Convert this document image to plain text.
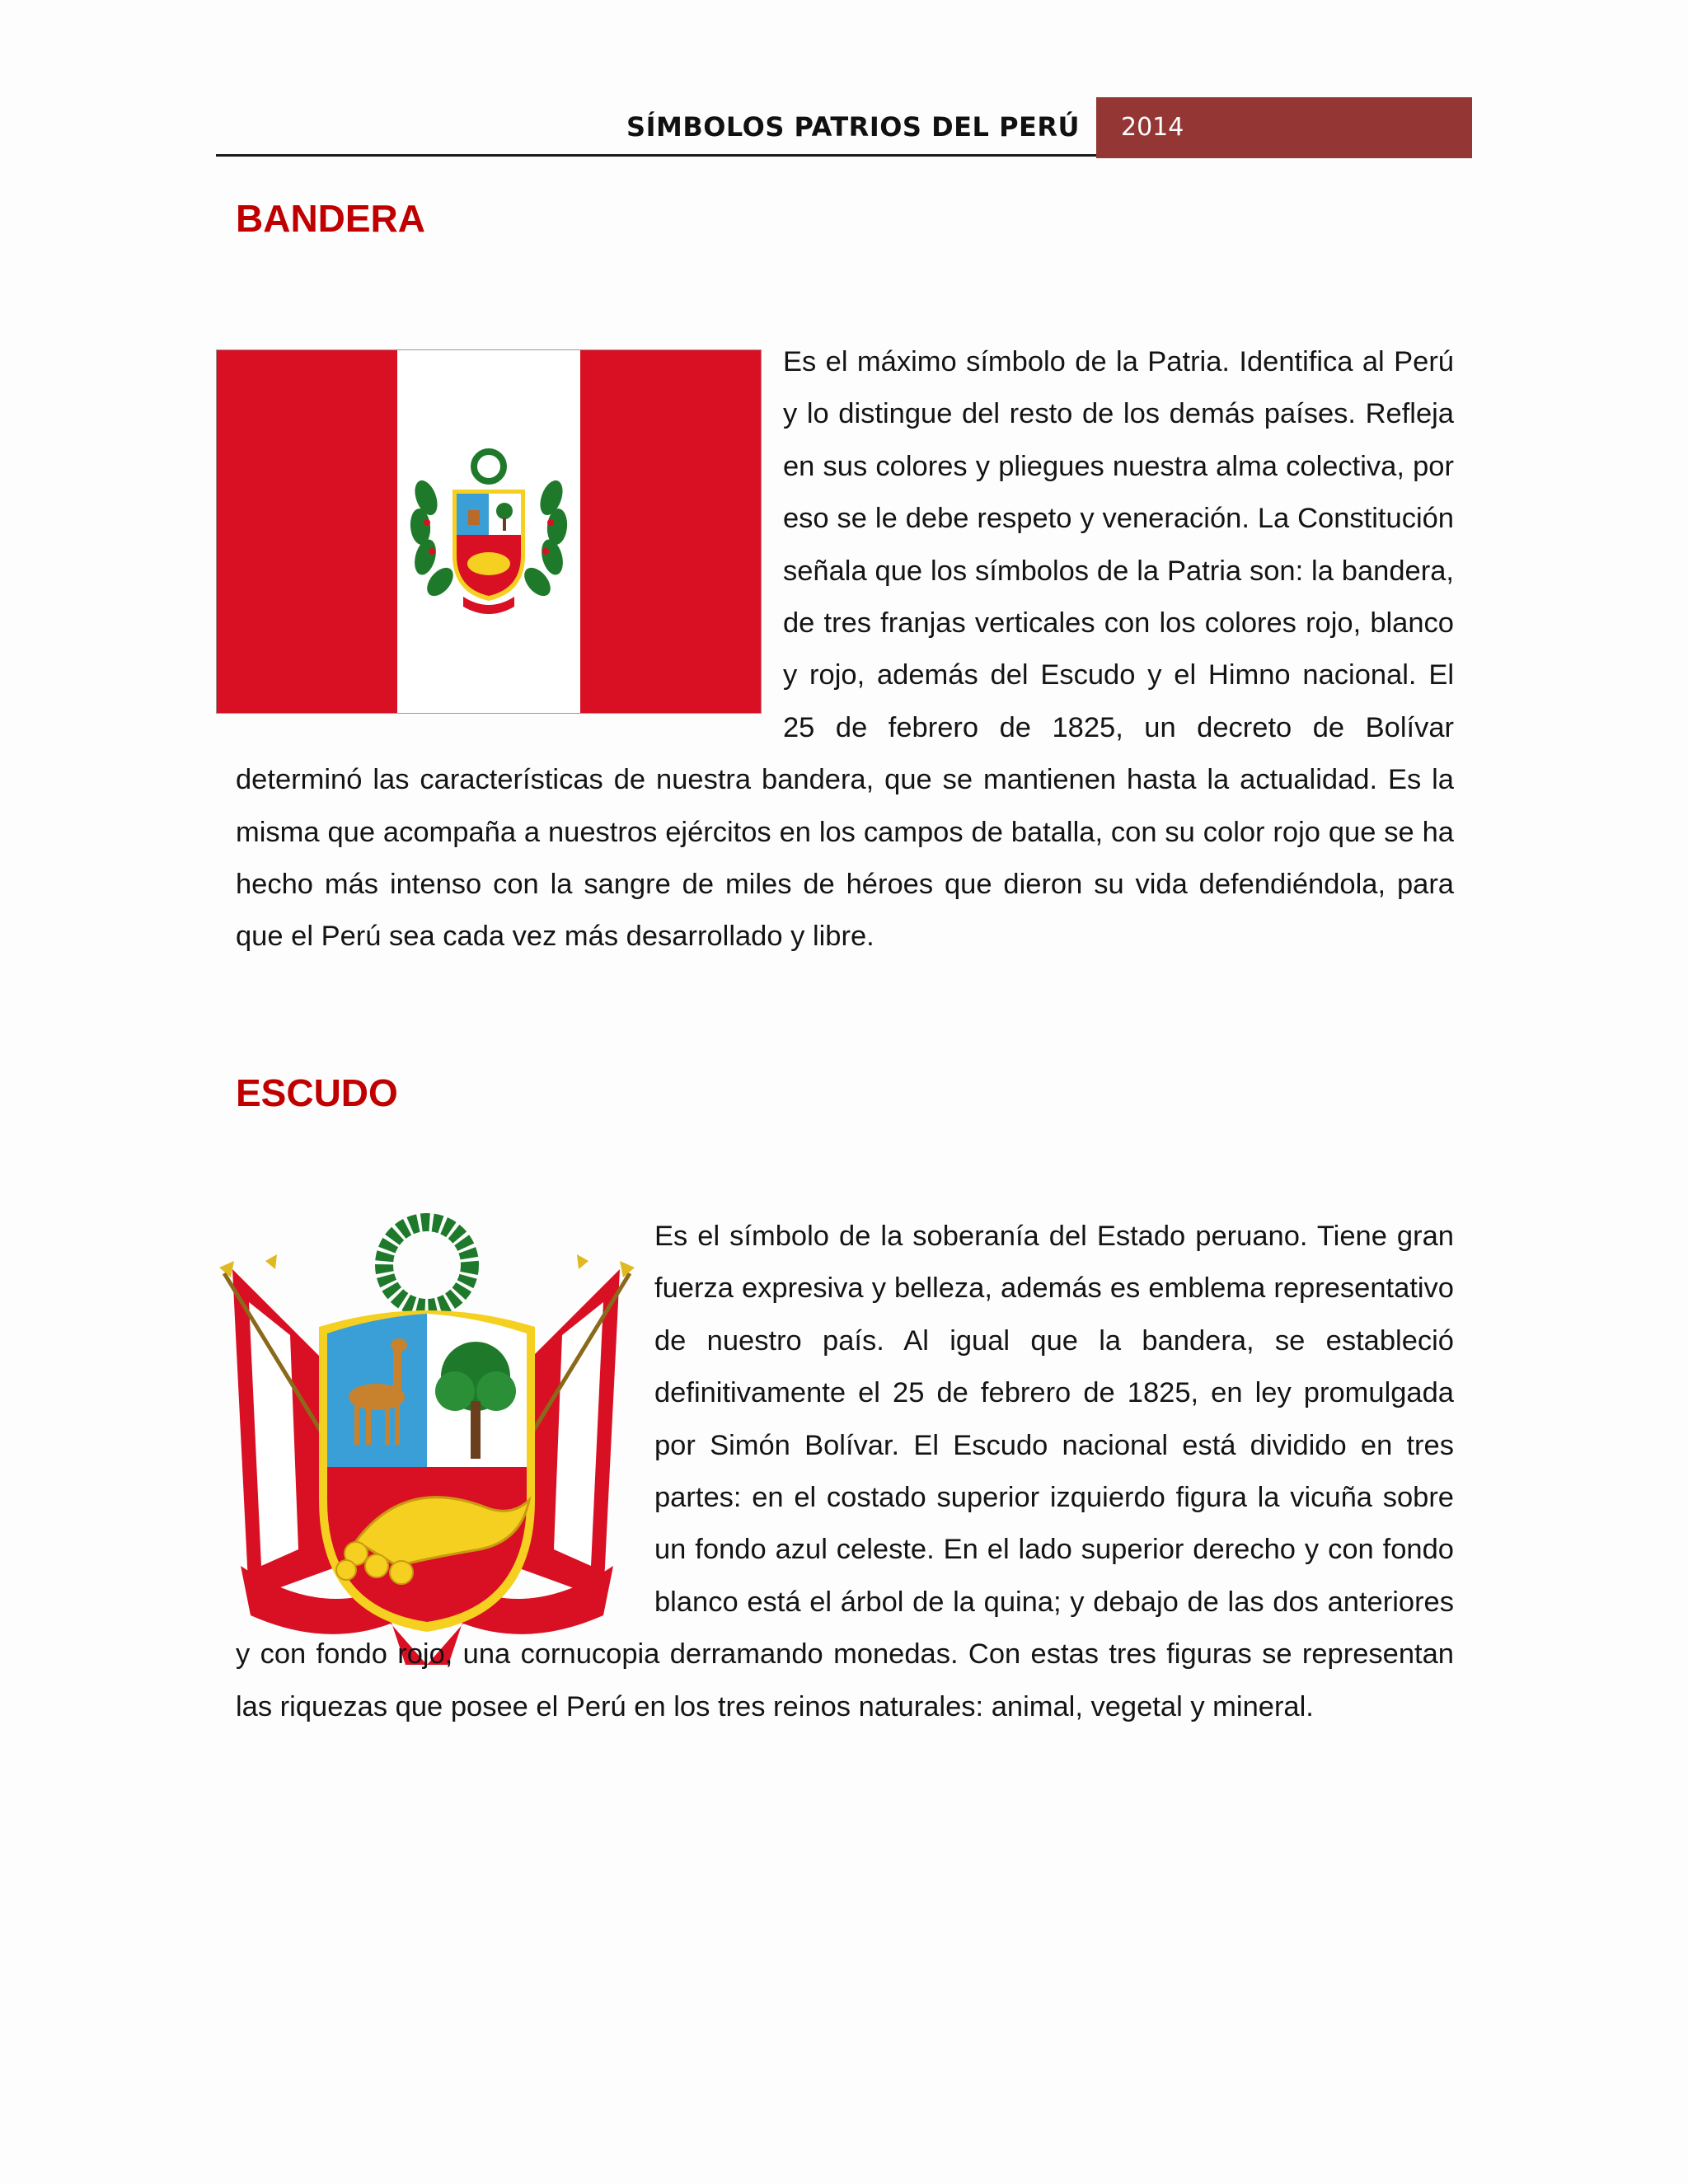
SÍMBOLOS PATRIOS DEL PERÚ	2014
BANDERA
Es el máximo símbolo de la Patria. Identifica al Perú y lo distingue del resto de los demás países. Refleja en sus colores y pliegues nuestra alma colectiva, por eso se le debe respeto y veneración. La Constitución señala que los símbolos de la Patria son: la bandera, de tres franjas verticales con los colores rojo, blanco y rojo, además del Escudo y el Himno nacional. El 25 de febrero de 1825, un decreto de Bolívar determinó las características de nuestra bandera, que se mantienen hasta la actualidad. Es la misma que acompaña a nuestros ejércitos en los campos de batalla, con su color rojo que se ha hecho más intenso con la sangre de miles de héroes que dieron su vida defendiéndola, para que el Perú sea cada vez más desarrollado y libre.
ESCUDO
Es el símbolo de la soberanía del Estado peruano. Tiene gran fuerza expresiva y belleza, además es emblema representativo de nuestro país. Al igual que la bandera, se estableció definitivamente el 25 de febrero de 1825, en ley promulgada por Simón Bolívar. El Escudo nacional está dividido en tres partes: en el costado superior izquierdo figura la vicuña sobre un fondo azul celeste. En el lado superior derecho y con fondo blanco está el árbol de la quina; y debajo de las dos anteriores y con fondo rojo, una cornucopia derramando monedas. Con estas tres figuras se representan las riquezas que posee el Perú en los tres reinos naturales: animal, vegetal y mineral.
